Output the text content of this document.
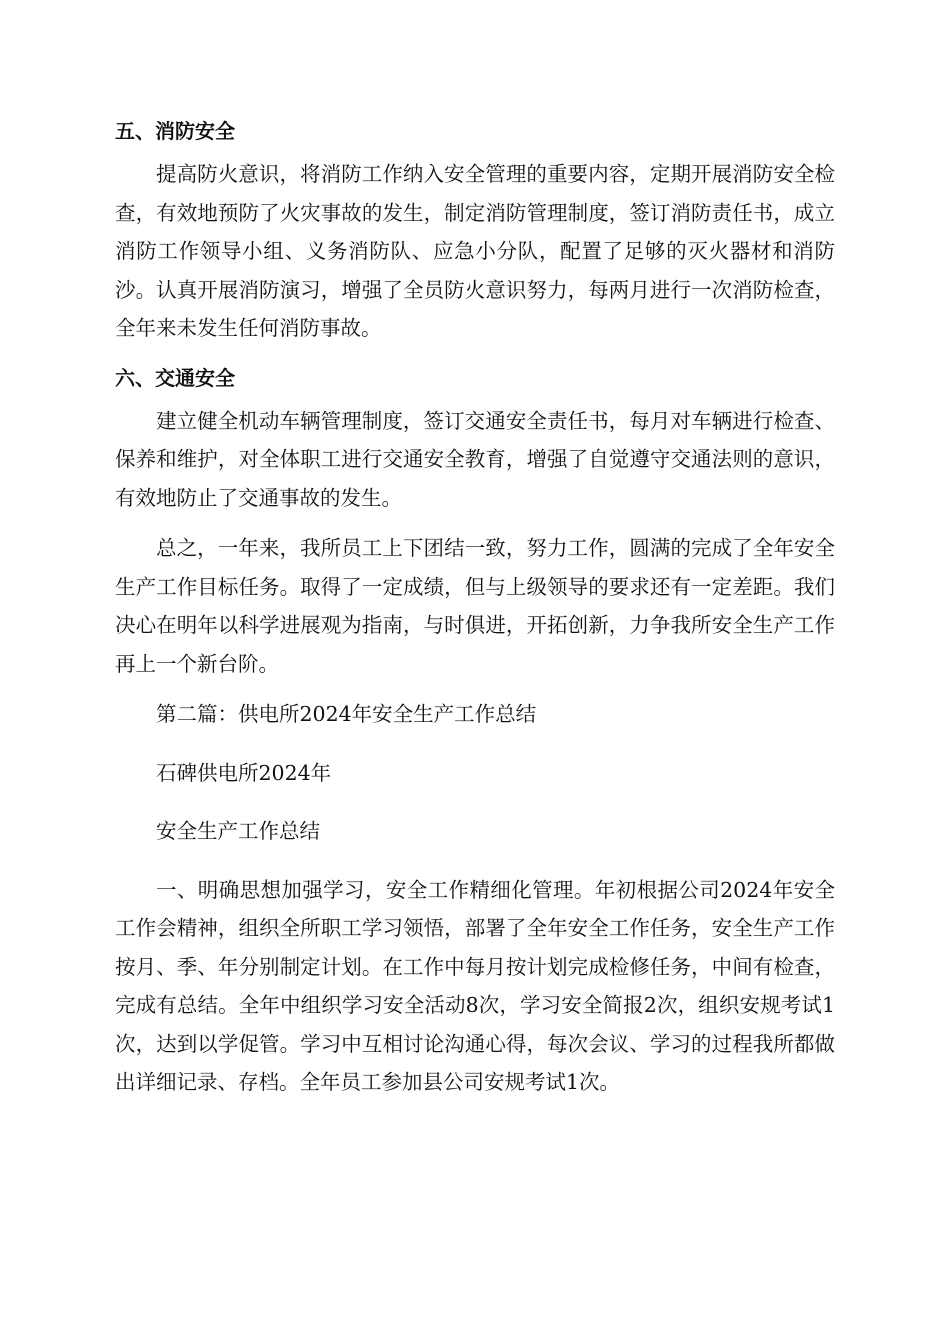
五、消防安全

提高防火意识，将消防工作纳入安全管理的重要内容，定期开展消防安全检查，有效地预防了火灾事故的发生，制定消防管理制度，签订消防责任书，成立消防工作领导小组、义务消防队、应急小分队，配置了足够的灭火器材和消防沙。认真开展消防演习，增强了全员防火意识努力，每两月进行一次消防检查，全年来未发生任何消防事故。

六、交通安全

建立健全机动车辆管理制度，签订交通安全责任书，每月对车辆进行检查、保养和维护，对全体职工进行交通安全教育，增强了自觉遵守交通法则的意识，有效地防止了交通事故的发生。

总之，一年来，我所员工上下团结一致，努力工作，圆满的完成了全年安全生产工作目标任务。取得了一定成绩，但与上级领导的要求还有一定差距。我们决心在明年以科学进展观为指南，与时俱进，开拓创新，力争我所安全生产工作再上一个新台阶。

第二篇：供电所2024年安全生产工作总结

石碑供电所2024年

安全生产工作总结

一、明确思想加强学习，安全工作精细化管理。年初根据公司2024年安全工作会精神，组织全所职工学习领悟，部署了全年安全工作任务，安全生产工作按月、季、年分别制定计划。在工作中每月按计划完成检修任务，中间有检查，完成有总结。全年中组织学习安全活动8次，学习安全简报2次，组织安规考试1次，达到以学促管。学习中互相讨论沟通心得，每次会议、学习的过程我所都做出详细记录、存档。全年员工参加县公司安规考试1次。
